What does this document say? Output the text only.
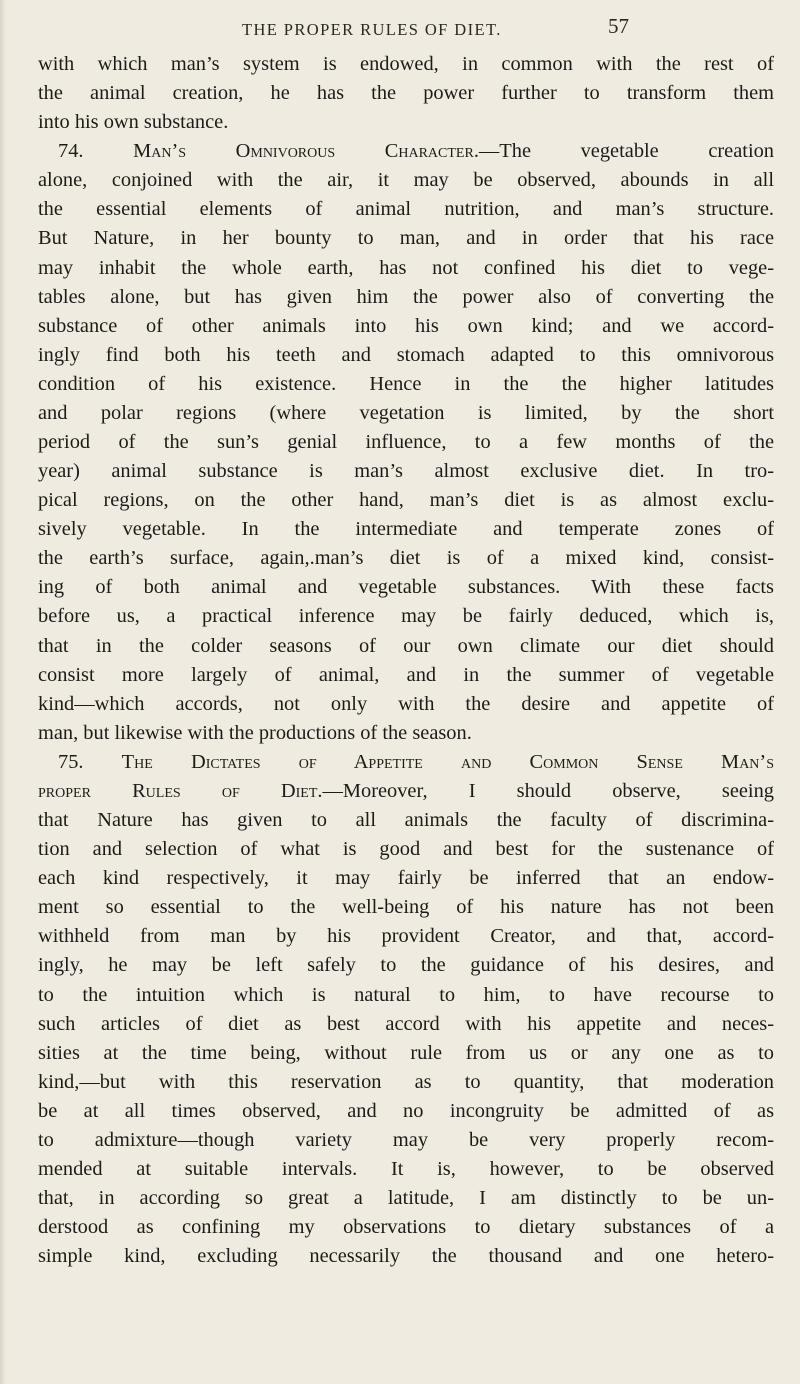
THE PROPER RULES OF DIET.	57
with which man’s system is endowed, in common with the rest of
the animal creation, he has the power further to transform them
into his own substance.
74. Man’s Omnivorous Character.—The vegetable creation
alone, conjoined with the air, it may be observed, abounds in all
the essential elements of animal nutrition, and man’s structure.
But Nature, in her bounty to man, and in order that his race
may inhabit the whole earth, has not confined his diet to vege-
tables alone, but has given him the power also of converting the
substance of other animals into his own kind; and we accord-
ingly find both his teeth and stomach adapted to this omnivorous
condition of his existence. Hence in the the higher latitudes
and polar regions (where vegetation is limited, by the short
period of the sun’s genial influence, to a few months of the
year) animal substance is man’s almost exclusive diet. In tro-
pical regions, on the other hand, man’s diet is as almost exclu-
sively vegetable. In the intermediate and temperate zones of
the earth’s surface, again,.man’s diet is of a mixed kind, consist-
ing of both animal and vegetable substances. With these facts
before us, a practical inference may be fairly deduced, which is,
that in the colder seasons of our own climate our diet should
consist more largely of animal, and in the summer of vegetable
kind—which accords, not only with the desire and appetite of
man, but likewise with the productions of the season.
75. The Dictates of Appetite and Common Sense Man’s
proper Rules of Diet.—Moreover, I should observe, seeing
that Nature has given to all animals the faculty of discrimina-
tion and selection of what is good and best for the sustenance of
each kind respectively, it may fairly be inferred that an endow-
ment so essential to the well-being of his nature has not been
withheld from man by his provident Creator, and that, accord-
ingly, he may be left safely to the guidance of his desires, and
to the intuition which is natural to him, to have recourse to
such articles of diet as best accord with his appetite and neces-
sities at the time being, without rule from us or any one as to
kind,—but with this reservation as to quantity, that moderation
be at all times observed, and no incongruity be admitted of as
to admixture—though variety may be very properly recom-
mended at suitable intervals. It is, however, to be observed
that, in according so great a latitude, I am distinctly to be un-
derstood as confining my observations to dietary substances of a
simple kind, excluding necessarily the thousand and one hetero-
